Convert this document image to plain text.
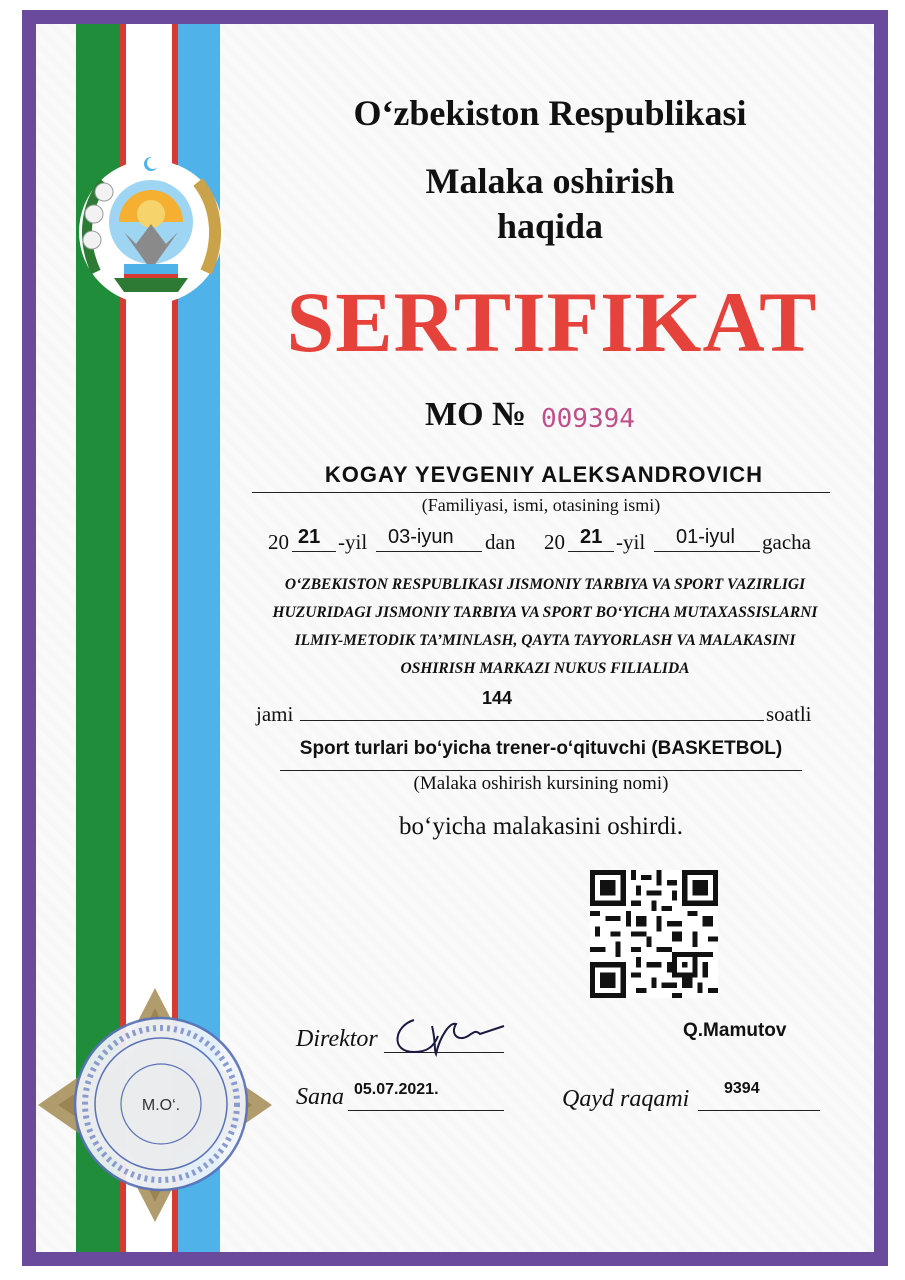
O‘zbekiston Respublikasi
Malaka oshirish
haqida
SERTIFIKAT
MO № 009394
KOGAY YEVGENIY ALEKSANDROVICH
(Familiyasi, ismi, otasining ismi)
20 21 -yil 03-iyun dan 20 21 -yil 01-iyul gacha
O‘ZBEKISTON RESPUBLIKASI JISMONIY TARBIYA VA SPORT VAZIRLIGI
HUZURIDAGI JISMONIY TARBIYA VA SPORT BO‘YICHA MUTAXASSISLARNI
ILMIY-METODIK TA’MINLASH, QAYTA TAYYORLASH VA MALAKASINI
OSHIRISH MARKAZI NUKUS FILIALIDA
jami
144
soatli
Sport turlari bo‘yicha trener-o‘qituvchi (BASKETBOL)
(Malaka oshirish kursining nomi)
bo‘yicha malakasini oshirdi.
Direktor	Q.Mamutov
Sana 05.07.2021.	Qayd raqami 9394
M.O‘.
